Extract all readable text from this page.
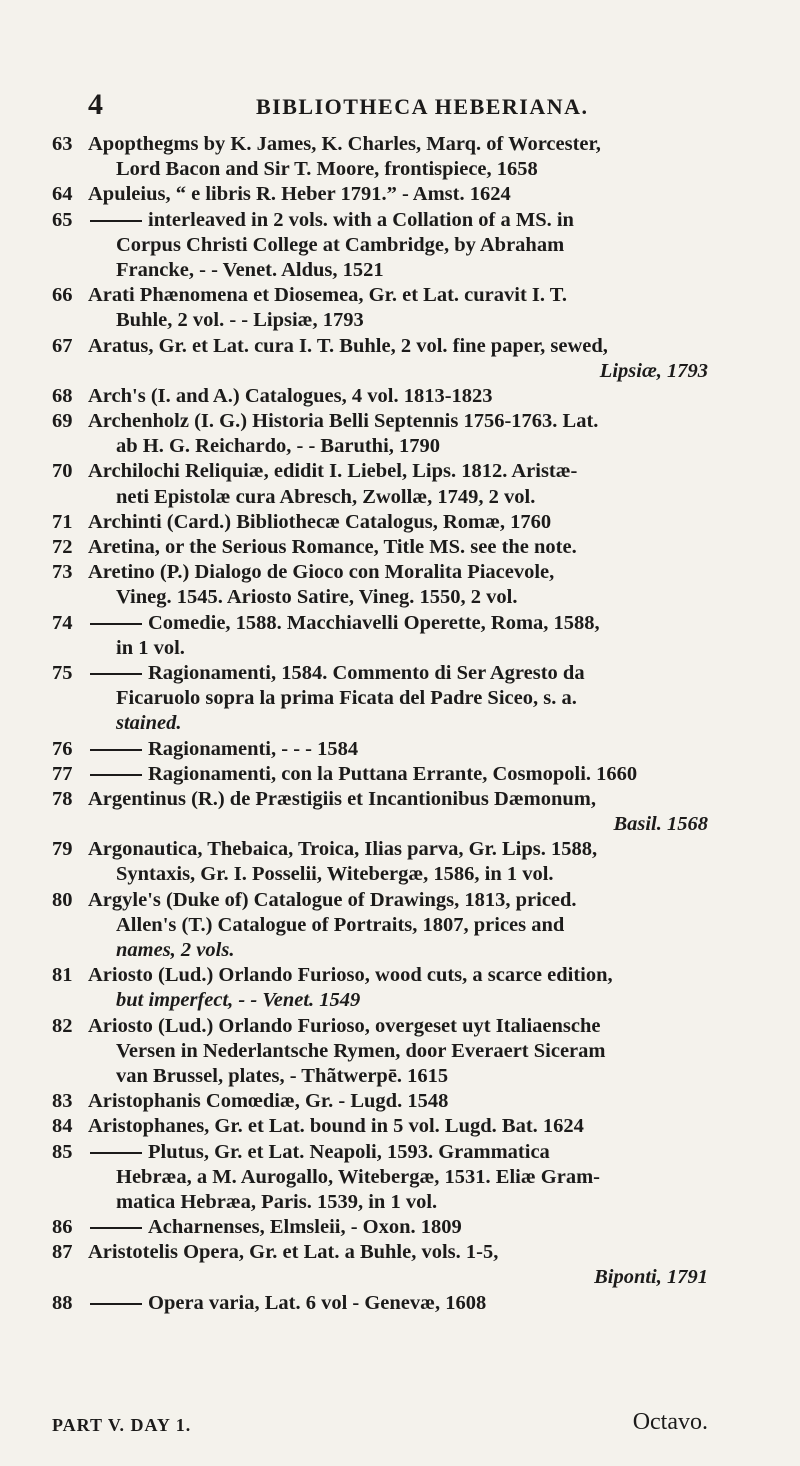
4	BIBLIOTHECA HEBERIANA.
63 Apopthegms by K. James, K. Charles, Marq. of Worcester,
Lord Bacon and Sir T. Moore, frontispiece, 1658
64 Apuleius, “ e libris R. Heber 1791.” - Amst. 1624
65	interleaved in 2 vols. with a Collation of a MS. in
Corpus Christi College at Cambridge, by Abraham
Francke, - - Venet. Aldus, 1521
66 Arati Phænomena et Diosemea, Gr. et Lat. curavit I. T.
Buhle, 2 vol. - - Lipsiæ, 1793
67 Aratus, Gr. et Lat. cura I. T. Buhle, 2 vol. fine paper, sewed,
Lipsiæ, 1793
68 Arch's (I. and A.) Catalogues, 4 vol. 1813-1823
69 Archenholz (I. G.) Historia Belli Septennis 1756-1763. Lat.
ab H. G. Reichardo, - - Baruthi, 1790
70 Archilochi Reliquiæ, edidit I. Liebel, Lips. 1812. Aristæ-
neti Epistolæ cura Abresch, Zwollæ, 1749, 2 vol.
71 Archinti (Card.) Bibliothecæ Catalogus, Romæ, 1760
72 Aretina, or the Serious Romance, Title MS. see the note.
73 Aretino (P.) Dialogo de Gioco con Moralita Piacevole,
Vineg. 1545. Ariosto Satire, Vineg. 1550, 2 vol.
74	Comedie, 1588. Macchiavelli Operette, Roma, 1588,
in 1 vol.
75	Ragionamenti, 1584. Commento di Ser Agresto da
Ficaruolo sopra la prima Ficata del Padre Siceo, s. a.
stained.
76	Ragionamenti, - - - 1584
77	Ragionamenti, con la Puttana Errante, Cosmopoli. 1660
78 Argentinus (R.) de Præstigiis et Incantionibus Dæmonum,
Basil. 1568
79 Argonautica, Thebaica, Troica, Ilias parva, Gr. Lips. 1588,
Syntaxis, Gr. I. Posselii, Witebergæ, 1586, in 1 vol.
80 Argyle's (Duke of) Catalogue of Drawings, 1813, priced.
Allen's (T.) Catalogue of Portraits, 1807, prices and
names, 2 vols.
81 Ariosto (Lud.) Orlando Furioso, wood cuts, a scarce edition,
but imperfect, - - Venet. 1549
82 Ariosto (Lud.) Orlando Furioso, overgeset uyt Italiaensche
Versen in Nederlantsche Rymen, door Everaert Siceram
van Brussel, plates, - Thãtwerpē. 1615
83 Aristophanis Comœdiæ, Gr. - Lugd. 1548
84 Aristophanes, Gr. et Lat. bound in 5 vol. Lugd. Bat. 1624
85	Plutus, Gr. et Lat. Neapoli, 1593. Grammatica
Hebræa, a M. Aurogallo, Witebergæ, 1531. Eliæ Gram-
matica Hebræa, Paris. 1539, in 1 vol.
86	Acharnenses, Elmsleii, - Oxon. 1809
87 Aristotelis Opera, Gr. et Lat. a Buhle, vols. 1-5,
Biponti, 1791
88	Opera varia, Lat. 6 vol - Genevæ, 1608
PART V. DAY 1.	Octavo.
